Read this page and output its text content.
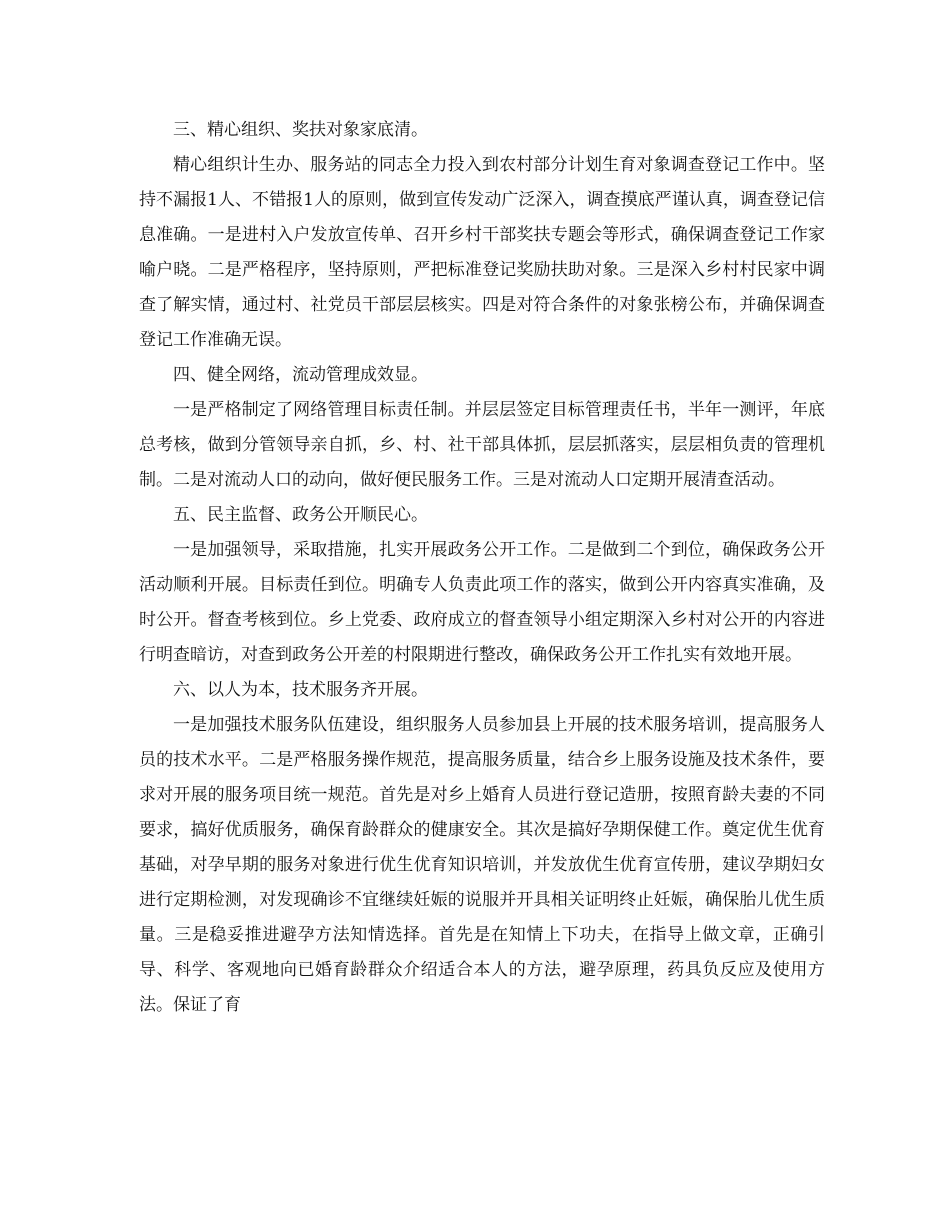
三、精心组织、奖扶对象家底清。

精心组织计生办、服务站的同志全力投入到农村部分计划生育对象调查登记工作中。坚持不漏报1人、不错报1人的原则，做到宣传发动广泛深入，调查摸底严谨认真，调查登记信息准确。一是进村入户发放宣传单、召开乡村干部奖扶专题会等形式，确保调查登记工作家喻户晓。二是严格程序，坚持原则，严把标准登记奖励扶助对象。三是深入乡村村民家中调查了解实情，通过村、社党员干部层层核实。四是对符合条件的对象张榜公布，并确保调查登记工作准确无误。

四、健全网络，流动管理成效显。

一是严格制定了网络管理目标责任制。并层层签定目标管理责任书，半年一测评，年底总考核，做到分管领导亲自抓，乡、村、社干部具体抓，层层抓落实，层层相负责的管理机制。二是对流动人口的动向，做好便民服务工作。三是对流动人口定期开展清查活动。

五、民主监督、政务公开顺民心。

一是加强领导，采取措施，扎实开展政务公开工作。二是做到二个到位，确保政务公开活动顺利开展。目标责任到位。明确专人负责此项工作的落实，做到公开内容真实准确，及时公开。督查考核到位。乡上党委、政府成立的督查领导小组定期深入乡村对公开的内容进行明查暗访，对查到政务公开差的村限期进行整改，确保政务公开工作扎实有效地开展。

六、以人为本，技术服务齐开展。

一是加强技术服务队伍建设，组织服务人员参加县上开展的技术服务培训，提高服务人员的技术水平。二是严格服务操作规范，提高服务质量，结合乡上服务设施及技术条件，要求对开展的服务项目统一规范。首先是对乡上婚育人员进行登记造册，按照育龄夫妻的不同要求，搞好优质服务，确保育龄群众的健康安全。其次是搞好孕期保健工作。奠定优生优育基础，对孕早期的服务对象进行优生优育知识培训，并发放优生优育宣传册，建议孕期妇女进行定期检测，对发现确诊不宜继续妊娠的说服并开具相关证明终止妊娠，确保胎儿优生质量。三是稳妥推进避孕方法知情选择。首先是在知情上下功夫，在指导上做文章，正确引导、科学、客观地向已婚育龄群众介绍适合本人的方法，避孕原理，药具负反应及使用方法。保证了育
